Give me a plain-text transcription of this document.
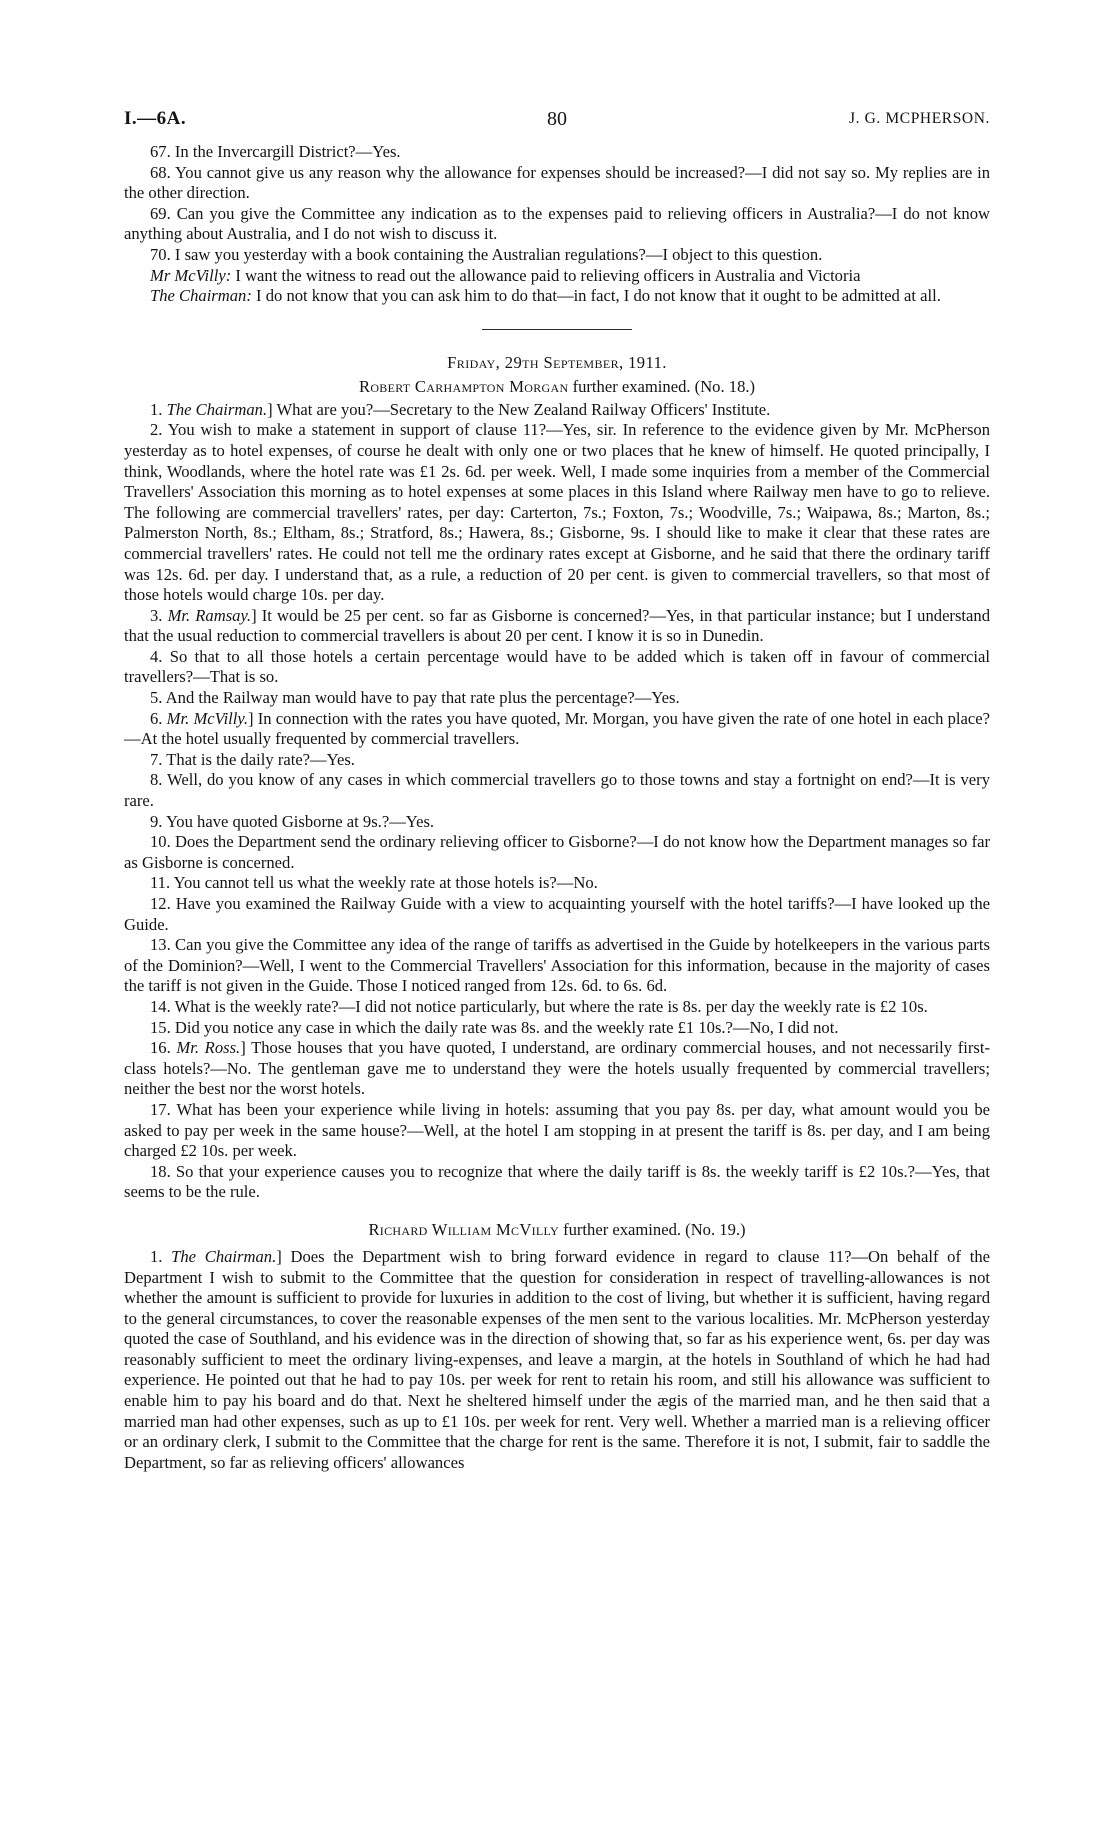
I.—6A.	80	J. G. MCPHERSON.

67. In the Invercargill District?—Yes.

68. You cannot give us any reason why the allowance for expenses should be increased?—I did not say so. My replies are in the other direction.

69. Can you give the Committee any indication as to the expenses paid to relieving officers in Australia?—I do not know anything about Australia, and I do not wish to discuss it.

70. I saw you yesterday with a book containing the Australian regulations?—I object to this question.

Mr McVilly: I want the witness to read out the allowance paid to relieving officers in Australia and Victoria

The Chairman: I do not know that you can ask him to do that—in fact, I do not know that it ought to be admitted at all.

Friday, 29th September, 1911.

Robert Carhampton Morgan further examined. (No. 18.)

1. The Chairman.] What are you?—Secretary to the New Zealand Railway Officers' Institute.

2. You wish to make a statement in support of clause 11?—Yes, sir. In reference to the evidence given by Mr. McPherson yesterday as to hotel expenses, of course he dealt with only one or two places that he knew of himself. He quoted principally, I think, Woodlands, where the hotel rate was £1 2s. 6d. per week. Well, I made some inquiries from a member of the Commercial Travellers' Association this morning as to hotel expenses at some places in this Island where Railway men have to go to relieve. The following are commercial travellers' rates, per day: Carterton, 7s.; Foxton, 7s.; Woodville, 7s.; Waipawa, 8s.; Marton, 8s.; Palmerston North, 8s.; Eltham, 8s.; Stratford, 8s.; Hawera, 8s.; Gisborne, 9s. I should like to make it clear that these rates are commercial travellers' rates. He could not tell me the ordinary rates except at Gisborne, and he said that there the ordinary tariff was 12s. 6d. per day. I understand that, as a rule, a reduction of 20 per cent. is given to commercial travellers, so that most of those hotels would charge 10s. per day.

3. Mr. Ramsay.] It would be 25 per cent. so far as Gisborne is concerned?—Yes, in that particular instance; but I understand that the usual reduction to commercial travellers is about 20 per cent. I know it is so in Dunedin.

4. So that to all those hotels a certain percentage would have to be added which is taken off in favour of commercial travellers?—That is so.

5. And the Railway man would have to pay that rate plus the percentage?—Yes.

6. Mr. McVilly.] In connection with the rates you have quoted, Mr. Morgan, you have given the rate of one hotel in each place?—At the hotel usually frequented by commercial travellers.

7. That is the daily rate?—Yes.

8. Well, do you know of any cases in which commercial travellers go to those towns and stay a fortnight on end?—It is very rare.

9. You have quoted Gisborne at 9s.?—Yes.

10. Does the Department send the ordinary relieving officer to Gisborne?—I do not know how the Department manages so far as Gisborne is concerned.

11. You cannot tell us what the weekly rate at those hotels is?—No.

12. Have you examined the Railway Guide with a view to acquainting yourself with the hotel tariffs?—I have looked up the Guide.

13. Can you give the Committee any idea of the range of tariffs as advertised in the Guide by hotelkeepers in the various parts of the Dominion?—Well, I went to the Commercial Travellers' Association for this information, because in the majority of cases the tariff is not given in the Guide. Those I noticed ranged from 12s. 6d. to 6s. 6d.

14. What is the weekly rate?—I did not notice particularly, but where the rate is 8s. per day the weekly rate is £2 10s.

15. Did you notice any case in which the daily rate was 8s. and the weekly rate £1 10s.?—No, I did not.

16. Mr. Ross.] Those houses that you have quoted, I understand, are ordinary commercial houses, and not necessarily first-class hotels?—No. The gentleman gave me to understand they were the hotels usually frequented by commercial travellers; neither the best nor the worst hotels.

17. What has been your experience while living in hotels: assuming that you pay 8s. per day, what amount would you be asked to pay per week in the same house?—Well, at the hotel I am stopping in at present the tariff is 8s. per day, and I am being charged £2 10s. per week.

18. So that your experience causes you to recognize that where the daily tariff is 8s. the weekly tariff is £2 10s.?—Yes, that seems to be the rule.

Richard William McVilly further examined. (No. 19.)

1. The Chairman.] Does the Department wish to bring forward evidence in regard to clause 11?—On behalf of the Department I wish to submit to the Committee that the question for consideration in respect of travelling-allowances is not whether the amount is sufficient to provide for luxuries in addition to the cost of living, but whether it is sufficient, having regard to the general circumstances, to cover the reasonable expenses of the men sent to the various localities. Mr. McPherson yesterday quoted the case of Southland, and his evidence was in the direction of showing that, so far as his experience went, 6s. per day was reasonably sufficient to meet the ordinary living-expenses, and leave a margin, at the hotels in Southland of which he had had experience. He pointed out that he had to pay 10s. per week for rent to retain his room, and still his allowance was sufficient to enable him to pay his board and do that. Next he sheltered himself under the ægis of the married man, and he then said that a married man had other expenses, such as up to £1 10s. per week for rent. Very well. Whether a married man is a relieving officer or an ordinary clerk, I submit to the Committee that the charge for rent is the same. Therefore it is not, I submit, fair to saddle the Department, so far as relieving officers' allowances
